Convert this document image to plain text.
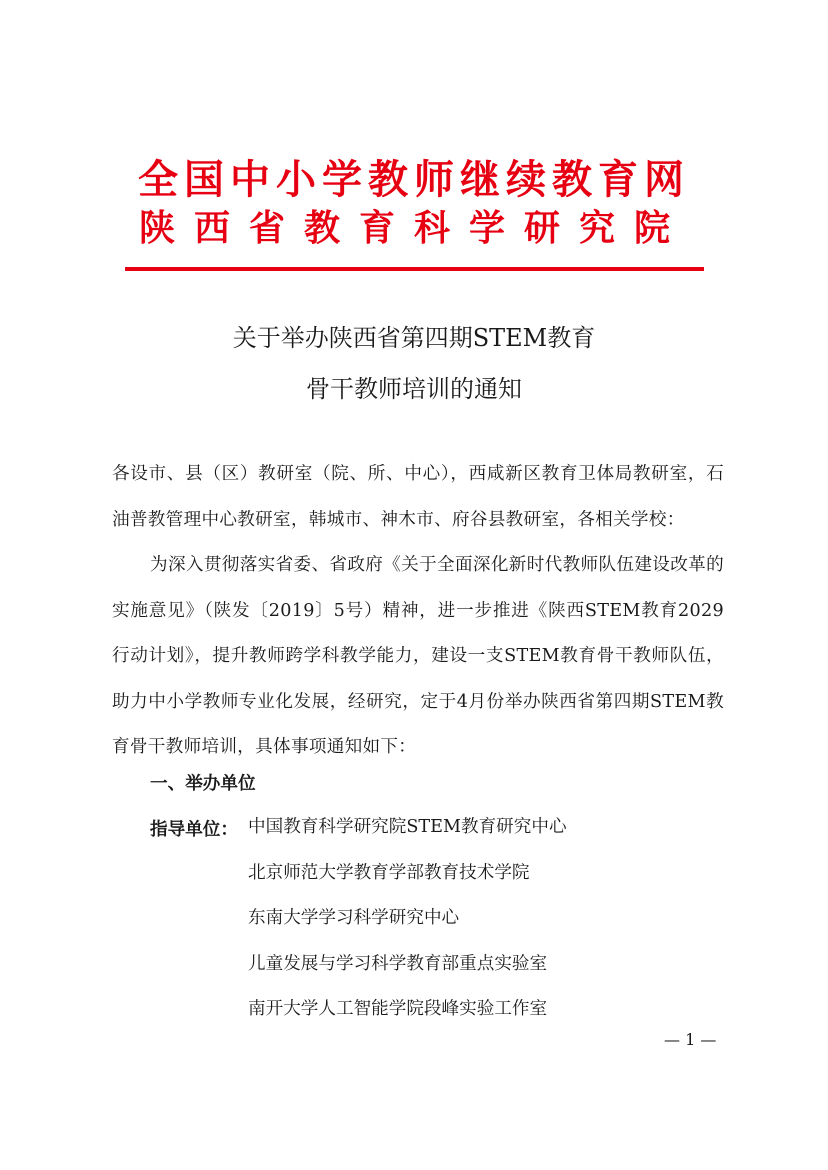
全国中小学教师继续教育网
陕西省教育科学研究院
关于举办陕西省第四期STEM教育
骨干教师培训的通知
各设市、县（区）教研室（院、所、中心），西咸新区教育卫体局教研室，石油普教管理中心教研室，韩城市、神木市、府谷县教研室，各相关学校：
为深入贯彻落实省委、省政府《关于全面深化新时代教师队伍建设改革的实施意见》（陕发〔2019〕5号）精神，进一步推进《陕西STEM教育2029行动计划》，提升教师跨学科教学能力，建设一支STEM教育骨干教师队伍，助力中小学教师专业化发展，经研究，定于4月份举办陕西省第四期STEM教育骨干教师培训，具体事项通知如下：
一、举办单位
指导单位： 中国教育科学研究院STEM教育研究中心
北京师范大学教育学部教育技术学院
东南大学学习科学研究中心
儿童发展与学习科学教育部重点实验室
南开大学人工智能学院段峰实验工作室
— 1 —
